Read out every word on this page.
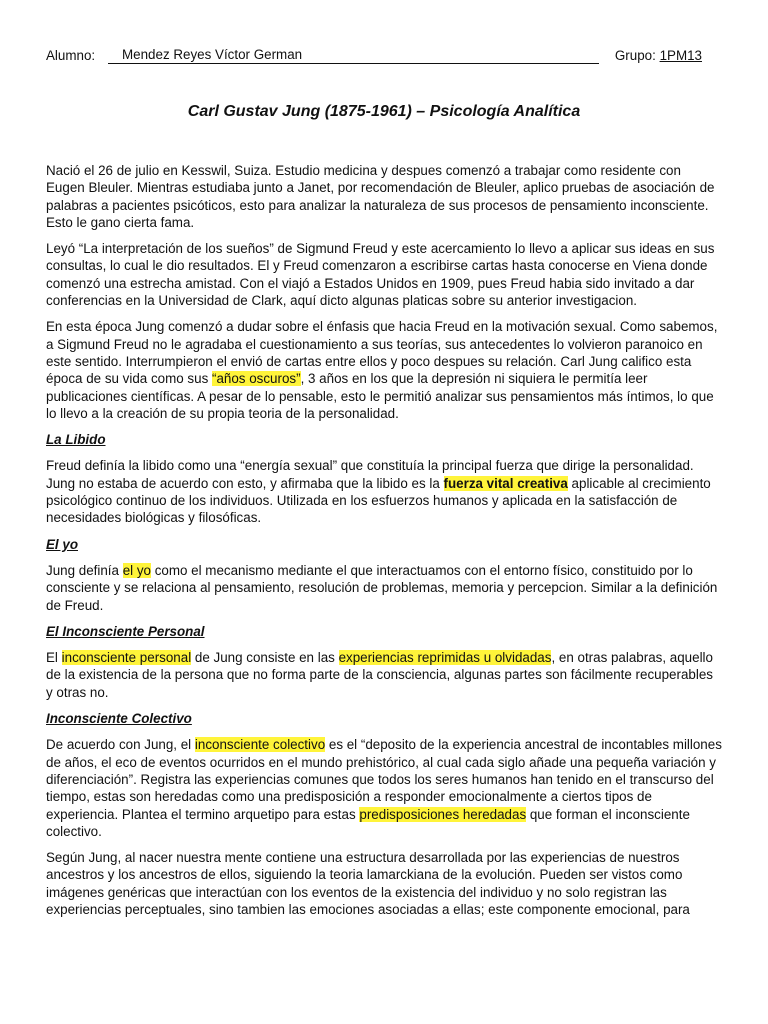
Alumno:	Mendez Reyes Víctor German	Grupo: 1PM13
Carl Gustav Jung (1875-1961) – Psicología Analítica

Nació el 26 de julio en Kesswil, Suiza. Estudio medicina y despues comenzó a trabajar como residente con Eugen Bleuler. Mientras estudiaba junto a Janet, por recomendación de Bleuler, aplico pruebas de asociación de palabras a pacientes psicóticos, esto para analizar la naturaleza de sus procesos de pensamiento inconsciente. Esto le gano cierta fama.

Leyó “La interpretación de los sueños” de Sigmund Freud y este acercamiento lo llevo a aplicar sus ideas en sus consultas, lo cual le dio resultados. El y Freud comenzaron a escribirse cartas hasta conocerse en Viena donde comenzó una estrecha amistad. Con el viajó a Estados Unidos en 1909, pues Freud habia sido invitado a dar conferencias en la Universidad de Clark, aquí dicto algunas platicas sobre su anterior investigacion.

En esta época Jung comenzó a dudar sobre el énfasis que hacia Freud en la motivación sexual. Como sabemos, a Sigmund Freud no le agradaba el cuestionamiento a sus teorías, sus antecedentes lo volvieron paranoico en este sentido. Interrumpieron el envió de cartas entre ellos y poco despues su relación. Carl Jung califico esta época de su vida como sus “años oscuros”, 3 años en los que la depresión ni siquiera le permitía leer publicaciones científicas. A pesar de lo pensable, esto le permitió analizar sus pensamientos más íntimos, lo que lo llevo a la creación de su propia teoria de la personalidad.

La Libido

Freud definía la libido como una “energía sexual” que constituía la principal fuerza que dirige la personalidad. Jung no estaba de acuerdo con esto, y afirmaba que la libido es la fuerza vital creativa aplicable al crecimiento psicológico continuo de los individuos. Utilizada en los esfuerzos humanos y aplicada en la satisfacción de necesidades biológicas y filosóficas.

El yo

Jung definía el yo como el mecanismo mediante el que interactuamos con el entorno físico, constituido por lo consciente y se relaciona al pensamiento, resolución de problemas, memoria y percepcion. Similar a la definición de Freud.

El Inconsciente Personal

El inconsciente personal de Jung consiste en las experiencias reprimidas u olvidadas, en otras palabras, aquello de la existencia de la persona que no forma parte de la consciencia, algunas partes son fácilmente recuperables y otras no.

Inconsciente Colectivo

De acuerdo con Jung, el inconsciente colectivo es el “deposito de la experiencia ancestral de incontables millones de años, el eco de eventos ocurridos en el mundo prehistórico, al cual cada siglo añade una pequeña variación y diferenciación”. Registra las experiencias comunes que todos los seres humanos han tenido en el transcurso del tiempo, estas son heredadas como una predisposición a responder emocionalmente a ciertos tipos de experiencia. Plantea el termino arquetipo para estas predisposiciones heredadas que forman el inconsciente colectivo.

Según Jung, al nacer nuestra mente contiene una estructura desarrollada por las experiencias de nuestros ancestros y los ancestros de ellos, siguiendo la teoria lamarckiana de la evolución. Pueden ser vistos como imágenes genéricas que interactúan con los eventos de la existencia del individuo y no solo registran las experiencias perceptuales, sino tambien las emociones asociadas a ellas; este componente emocional, para
